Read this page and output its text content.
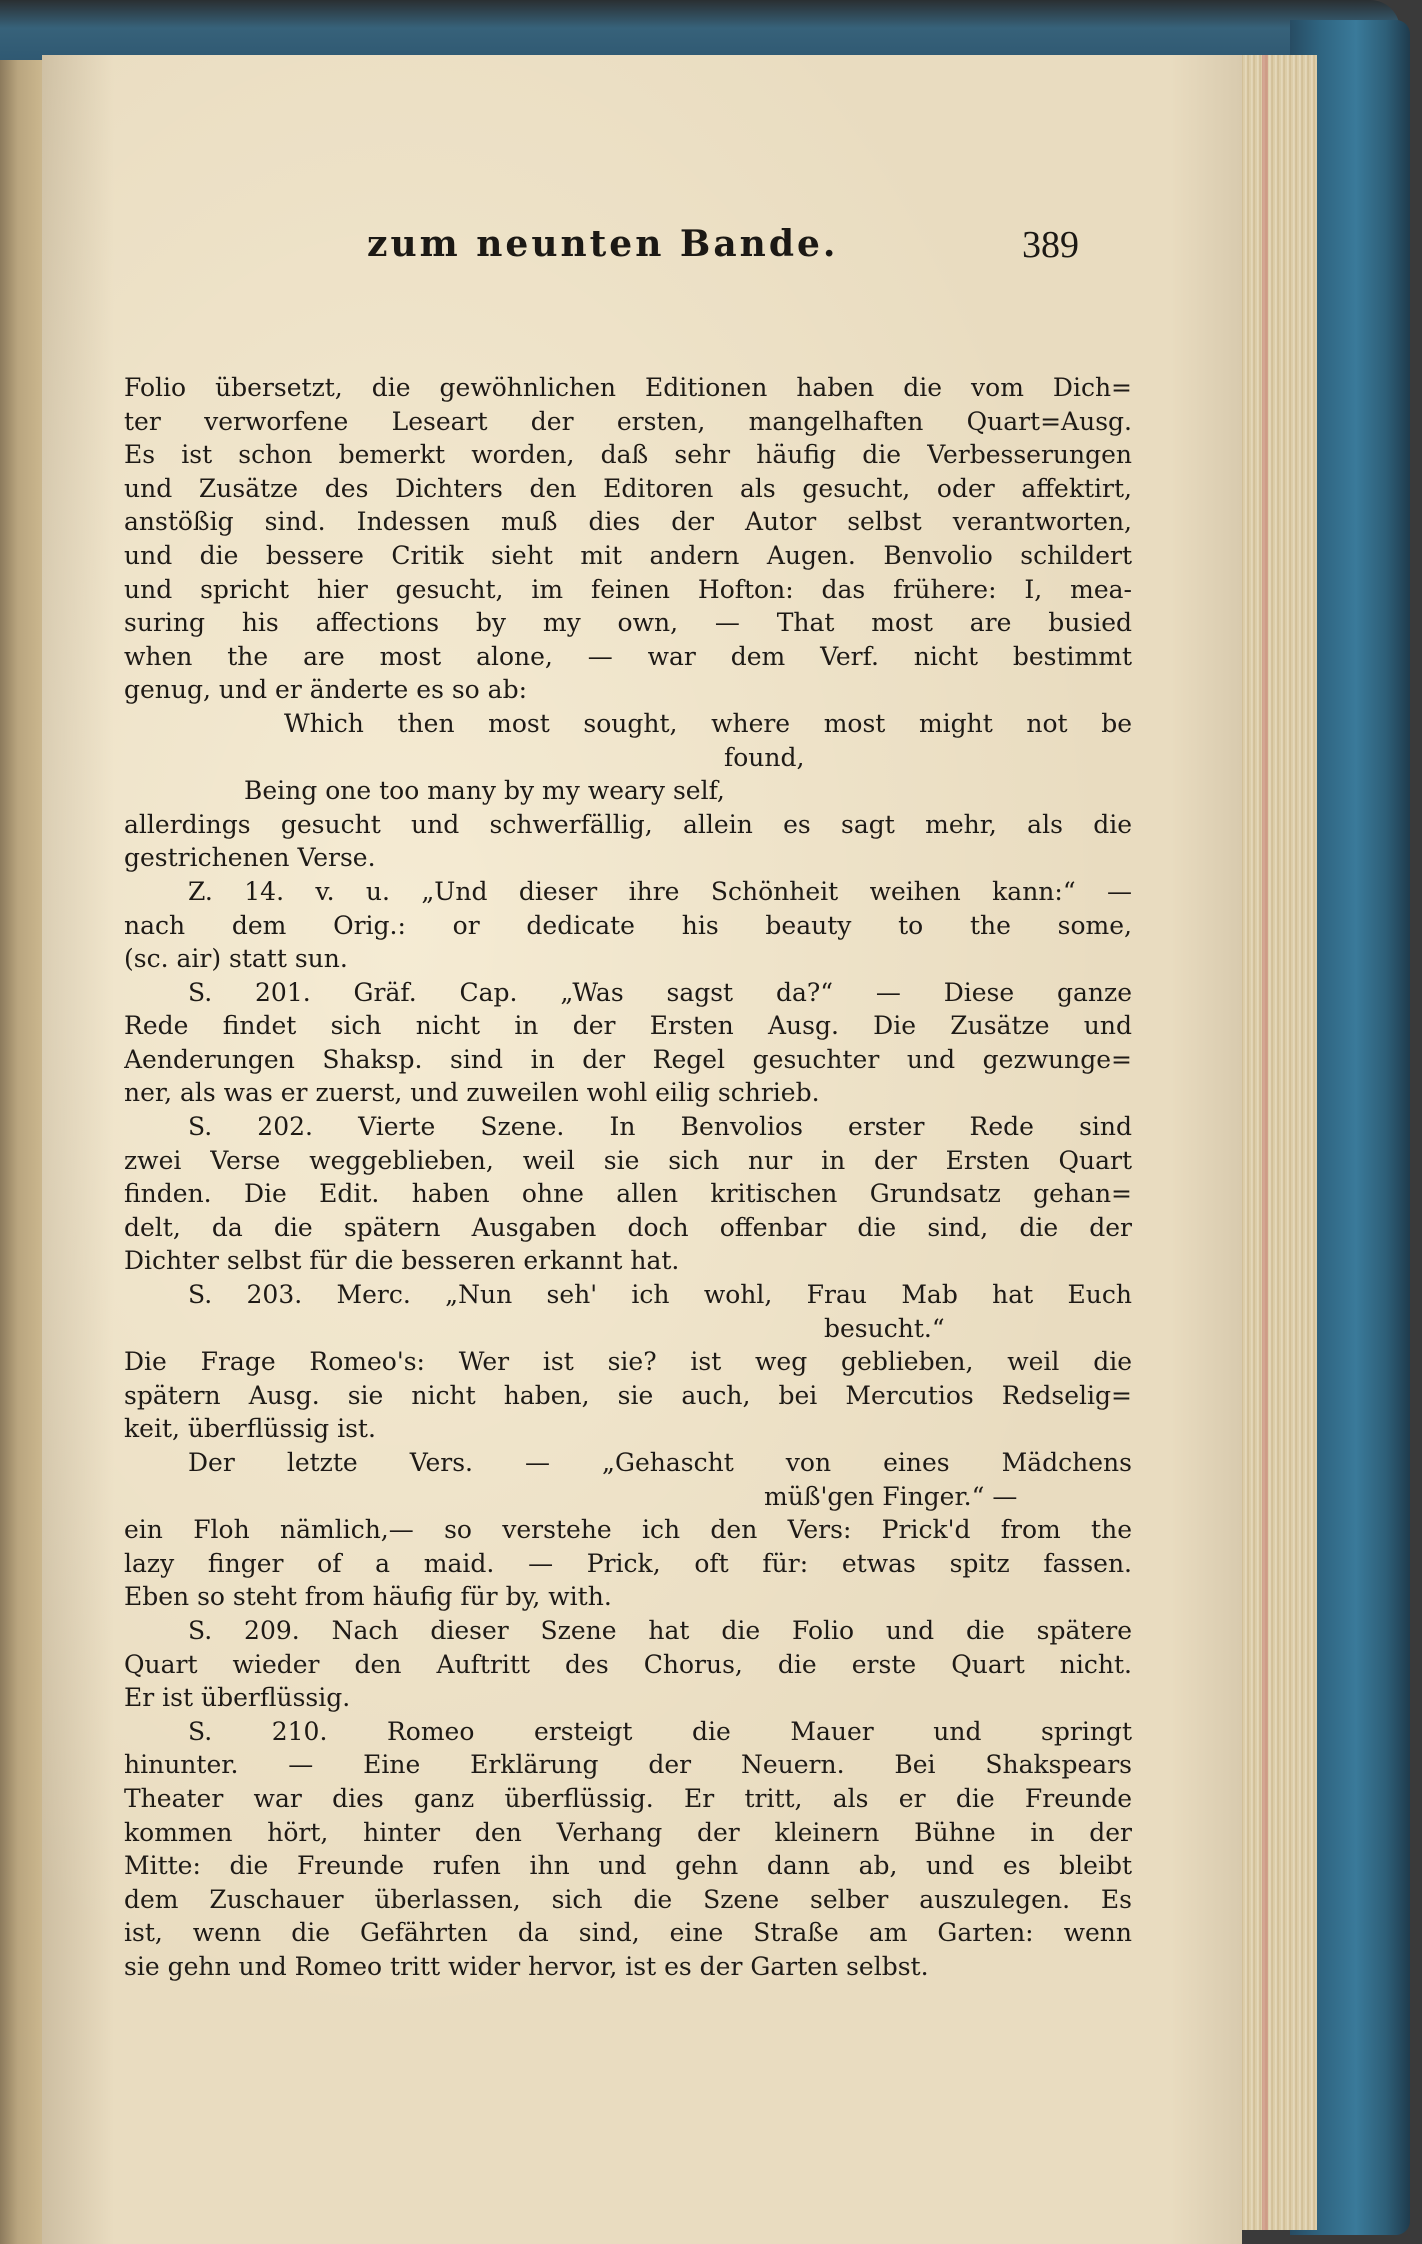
zum neunten Bande.	389
Folio übersetzt, die gewöhnlichen Editionen haben die vom Dich=
ter verworfene Leseart der ersten, mangelhaften Quart=Ausg.
Es ist schon bemerkt worden, daß sehr häufig die Verbesserungen
und Zusätze des Dichters den Editoren als gesucht, oder affektirt,
anstößig sind. Indessen muß dies der Autor selbst verantworten,
und die bessere Critik sieht mit andern Augen. Benvolio schildert
und spricht hier gesucht, im feinen Hofton: das frühere: I, mea-
suring his affections by my own, — That most are busied
when the are most alone, — war dem Verf. nicht bestimmt
genug, und er änderte es so ab:
Which then most sought, where most might not be
found,
Being one too many by my weary self,
allerdings gesucht und schwerfällig, allein es sagt mehr, als die
gestrichenen Verse.
Z. 14. v. u. „Und dieser ihre Schönheit weihen kann:“ —
nach dem Orig.: or dedicate his beauty to the some,
(sc. air) statt sun.
S. 201. Gräf. Cap. „Was sagst da?“ — Diese ganze
Rede findet sich nicht in der Ersten Ausg. Die Zusätze und
Aenderungen Shaksp. sind in der Regel gesuchter und gezwunge=
ner, als was er zuerst, und zuweilen wohl eilig schrieb.
S. 202. Vierte Szene. In Benvolios erster Rede sind
zwei Verse weggeblieben, weil sie sich nur in der Ersten Quart
finden. Die Edit. haben ohne allen kritischen Grundsatz gehan=
delt, da die spätern Ausgaben doch offenbar die sind, die der
Dichter selbst für die besseren erkannt hat.
S. 203. Merc. „Nun seh' ich wohl, Frau Mab hat Euch
besucht.“
Die Frage Romeo's: Wer ist sie? ist weg geblieben, weil die
spätern Ausg. sie nicht haben, sie auch, bei Mercutios Redselig=
keit, überflüssig ist.
Der letzte Vers. — „Gehascht von eines Mädchens
müß'gen Finger.“ —
ein Floh nämlich,— so verstehe ich den Vers: Prick'd from the
lazy finger of a maid. — Prick, oft für: etwas spitz fassen.
Eben so steht from häufig für by, with.
S. 209. Nach dieser Szene hat die Folio und die spätere
Quart wieder den Auftritt des Chorus, die erste Quart nicht.
Er ist überflüssig.
S. 210. Romeo ersteigt die Mauer und springt
hinunter. — Eine Erklärung der Neuern. Bei Shakspears
Theater war dies ganz überflüssig. Er tritt, als er die Freunde
kommen hört, hinter den Verhang der kleinern Bühne in der
Mitte: die Freunde rufen ihn und gehn dann ab, und es bleibt
dem Zuschauer überlassen, sich die Szene selber auszulegen. Es
ist, wenn die Gefährten da sind, eine Straße am Garten: wenn
sie gehn und Romeo tritt wider hervor, ist es der Garten selbst.
